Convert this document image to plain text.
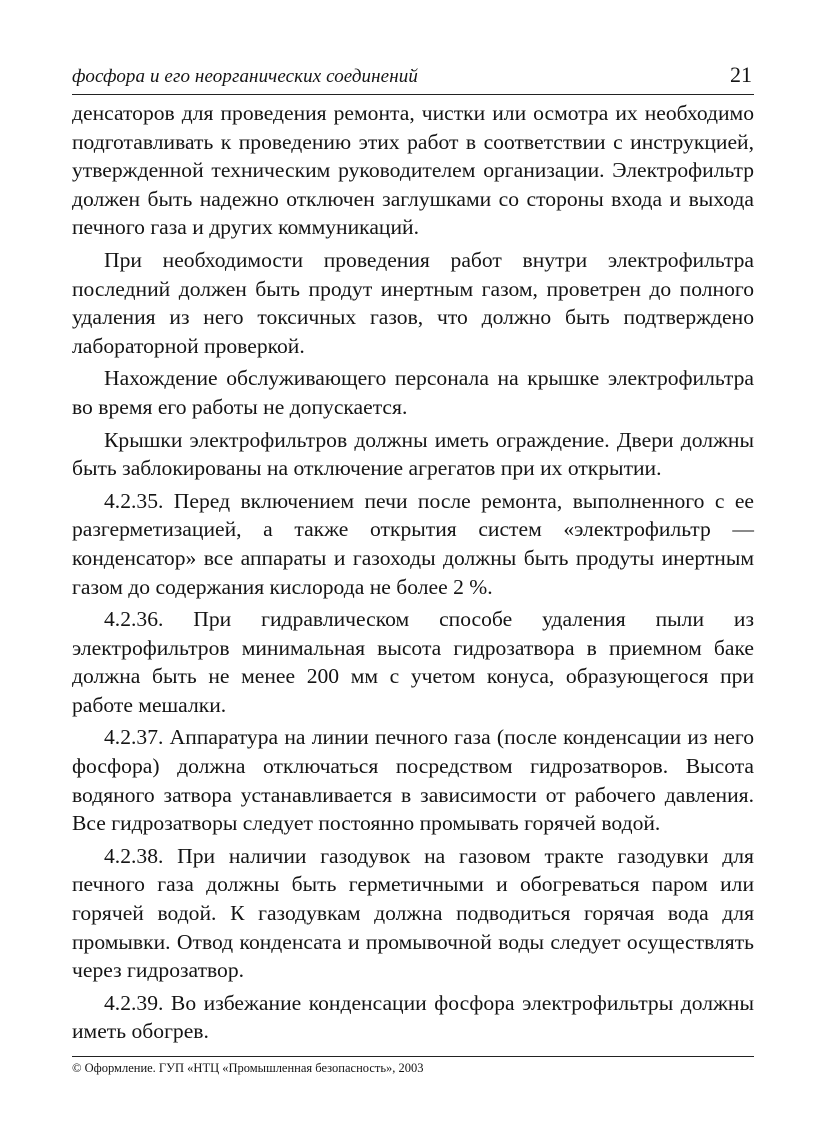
фосфора и его неорганических соединений	21

денсаторов для проведения ремонта, чистки или осмотра их необходимо подготавливать к проведению этих работ в соответствии с инструкцией, утвержденной техническим руководителем организации. Электрофильтр должен быть надежно отключен заглушками со стороны входа и выхода печного газа и других коммуникаций.

При необходимости проведения работ внутри электрофильтра последний должен быть продут инертным газом, проветрен до полного удаления из него токсичных газов, что должно быть подтверждено лабораторной проверкой.

Нахождение обслуживающего персонала на крышке электрофильтра во время его работы не допускается.

Крышки электрофильтров должны иметь ограждение. Двери должны быть заблокированы на отключение агрегатов при их открытии.

4.2.35. Перед включением печи после ремонта, выполненного с ее разгерметизацией, а также открытия систем «электрофильтр — конденсатор» все аппараты и газоходы должны быть продуты инертным газом до содержания кислорода не более 2 %.

4.2.36. При гидравлическом способе удаления пыли из электрофильтров минимальная высота гидрозатвора в приемном баке должна быть не менее 200 мм с учетом конуса, образующегося при работе мешалки.

4.2.37. Аппаратура на линии печного газа (после конденсации из него фосфора) должна отключаться посредством гидрозатворов. Высота водяного затвора устанавливается в зависимости от рабочего давления. Все гидрозатворы следует постоянно промывать горячей водой.

4.2.38. При наличии газодувок на газовом тракте газодувки для печного газа должны быть герметичными и обогреваться паром или горячей водой. К газодувкам должна подводиться горячая вода для промывки. Отвод конденсата и промывочной воды следует осуществлять через гидрозатвор.

4.2.39. Во избежание конденсации фосфора электрофильтры должны иметь обогрев.

© Оформление. ГУП «НТЦ «Промышленная безопасность», 2003
